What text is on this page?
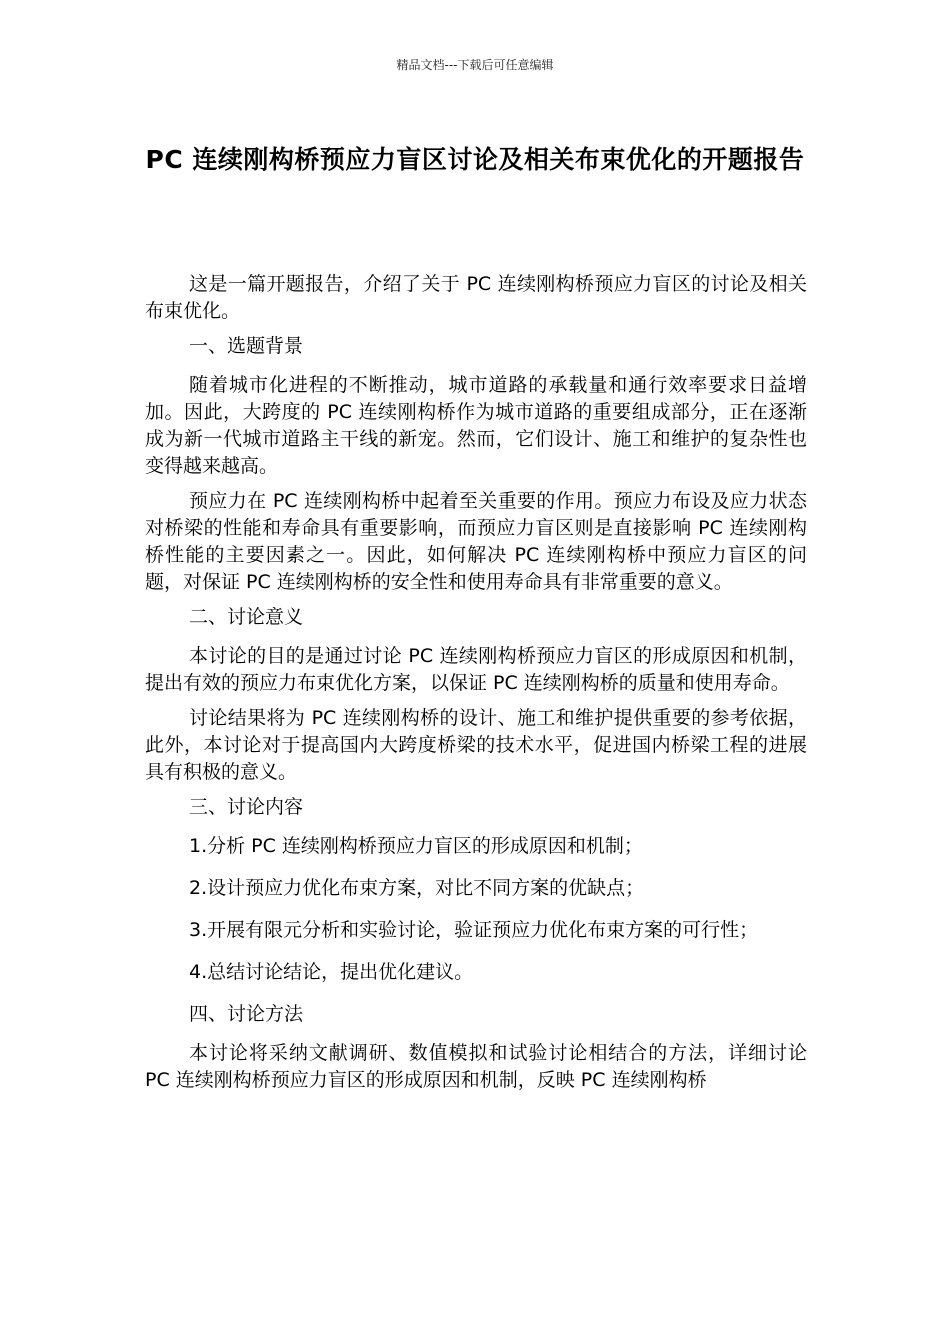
精品文档---下载后可任意编辑
PC 连续刚构桥预应力盲区讨论及相关布束优化的开题报告

这是一篇开题报告，介绍了关于 PC 连续刚构桥预应力盲区的讨论及相关布束优化。

一、选题背景

随着城市化进程的不断推动，城市道路的承载量和通行效率要求日益增加。因此，大跨度的 PC 连续刚构桥作为城市道路的重要组成部分，正在逐渐成为新一代城市道路主干线的新宠。然而，它们设计、施工和维护的复杂性也变得越来越高。

预应力在 PC 连续刚构桥中起着至关重要的作用。预应力布设及应力状态对桥梁的性能和寿命具有重要影响，而预应力盲区则是直接影响 PC 连续刚构桥性能的主要因素之一。因此，如何解决 PC 连续刚构桥中预应力盲区的问题，对保证 PC 连续刚构桥的安全性和使用寿命具有非常重要的意义。

二、讨论意义

本讨论的目的是通过讨论 PC 连续刚构桥预应力盲区的形成原因和机制，提出有效的预应力布束优化方案，以保证 PC 连续刚构桥的质量和使用寿命。

讨论结果将为 PC 连续刚构桥的设计、施工和维护提供重要的参考依据，此外，本讨论对于提高国内大跨度桥梁的技术水平，促进国内桥梁工程的进展具有积极的意义。

三、讨论内容

1.分析 PC 连续刚构桥预应力盲区的形成原因和机制；

2.设计预应力优化布束方案，对比不同方案的优缺点；

3.开展有限元分析和实验讨论，验证预应力优化布束方案的可行性；

4.总结讨论结论，提出优化建议。

四、讨论方法

本讨论将采纳文献调研、数值模拟和试验讨论相结合的方法，详细讨论 PC 连续刚构桥预应力盲区的形成原因和机制，反映 PC 连续刚构桥
